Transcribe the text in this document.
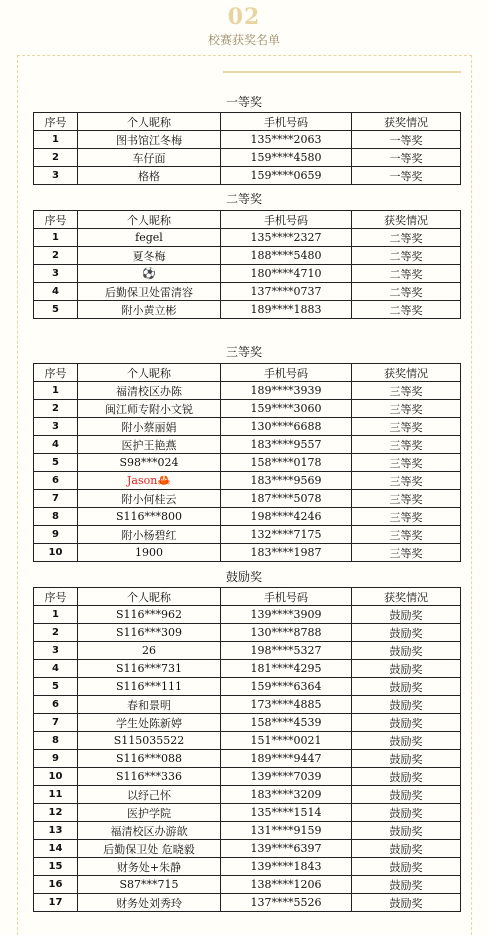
02
校赛获奖名单
一等奖
序号	个人昵称	手机号码	获奖情况
1	图书馆江冬梅	135****2063	一等奖
2	车仔面	159****4580	一等奖
3	格格	159****0659	一等奖
二等奖
序号	个人昵称	手机号码	获奖情况
1	fegel	135****2327	二等奖
2	夏冬梅	188****5480	二等奖
3	⚽	180****4710	二等奖
4	后勤保卫处雷清容	137****0737	二等奖
5	附小黄立彬	189****1883	二等奖
三等奖
序号	个人昵称	手机号码	获奖情况
1	福清校区办陈	189****3939	三等奖
2	闽江师专附小文锐	159****3060	三等奖
3	附小蔡丽娟	130****6688	三等奖
4	医护王艳燕	183****9557	三等奖
5	S98***024	158****0178	三等奖
6	Jason🦀	183****9569	三等奖
7	附小何桂云	187****5078	三等奖
8	S116***800	198****4246	三等奖
9	附小杨碧红	132****7175	三等奖
10	1900	183****1987	三等奖
鼓励奖
序号	个人昵称	手机号码	获奖情况
1	S116***962	139****3909	鼓励奖
2	S116***309	130****8788	鼓励奖
3	26	198****5327	鼓励奖
4	S116***731	181****4295	鼓励奖
5	S116***111	159****6364	鼓励奖
6	春和景明	173****4885	鼓励奖
7	学生处陈新婷	158****4539	鼓励奖
8	S115035522	151****0021	鼓励奖
9	S116***088	189****9447	鼓励奖
10	S116***336	139****7039	鼓励奖
11	以纾己怀	183****3209	鼓励奖
12	医护学院	135****1514	鼓励奖
13	福清校区办游歆	131****9159	鼓励奖
14	后勤保卫处 危晓毅	139****6397	鼓励奖
15	财务处+朱静	139****1843	鼓励奖
16	S87***715	138****1206	鼓励奖
17	财务处刘秀玲	137****5526	鼓励奖
